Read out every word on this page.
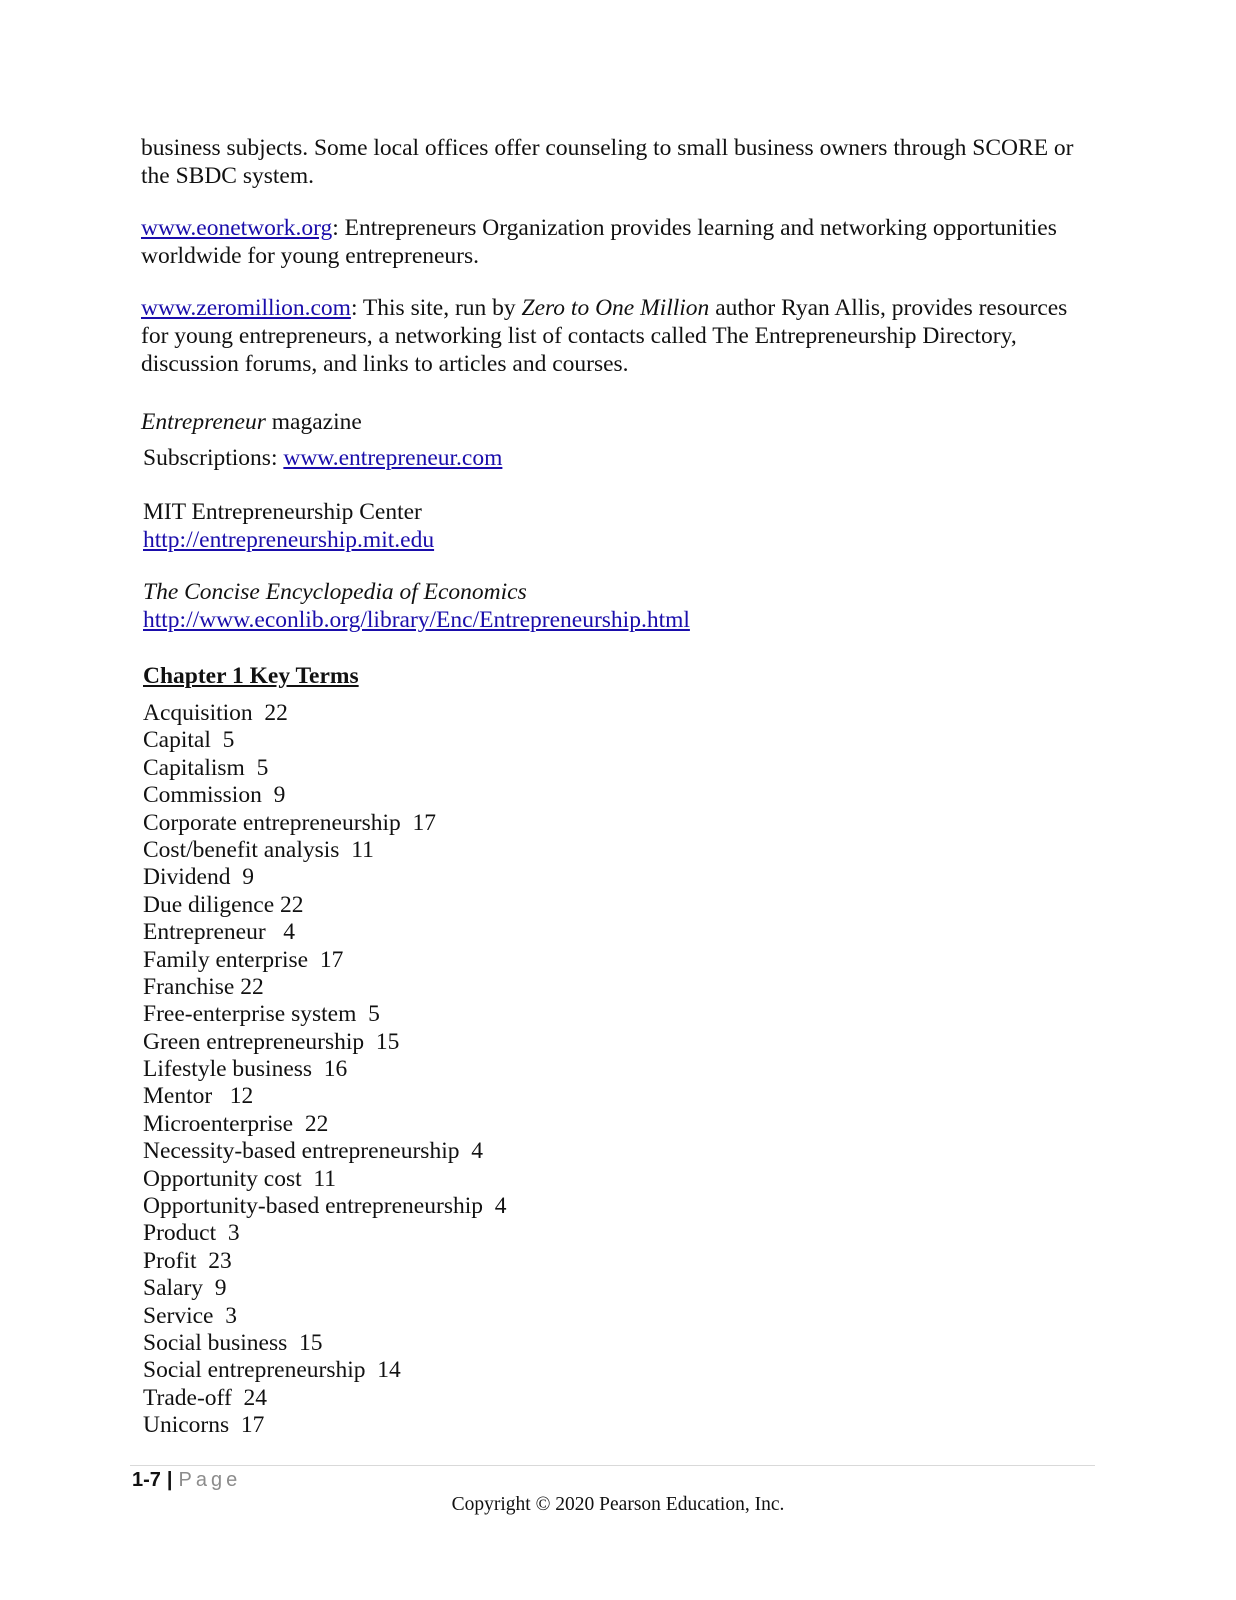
business subjects. Some local offices offer counseling to small business owners through SCORE or the SBDC system.

www.eonetwork.org: Entrepreneurs Organization provides learning and networking opportunities worldwide for young entrepreneurs.

www.zeromillion.com: This site, run by Zero to One Million author Ryan Allis, provides resources for young entrepreneurs, a networking list of contacts called The Entrepreneurship Directory, discussion forums, and links to articles and courses.

Entrepreneur magazine
Subscriptions: www.entrepreneur.com
MIT Entrepreneurship Center
http://entrepreneurship.mit.edu
The Concise Encyclopedia of Economics
http://www.econlib.org/library/Enc/Entrepreneurship.html
Chapter 1 Key Terms
Acquisition  22
Capital  5
Capitalism  5
Commission  9
Corporate entrepreneurship  17
Cost/benefit analysis  11
Dividend  9
Due diligence 22
Entrepreneur   4
Family enterprise  17
Franchise 22
Free-enterprise system  5
Green entrepreneurship  15
Lifestyle business  16
Mentor   12
Microenterprise  22
Necessity-based entrepreneurship  4
Opportunity cost  11
Opportunity-based entrepreneurship  4
Product  3
Profit  23
Salary  9
Service  3
Social business  15
Social entrepreneurship  14
Trade-off  24
Unicorns  17
1-7 | Page
Copyright © 2020 Pearson Education, Inc.
